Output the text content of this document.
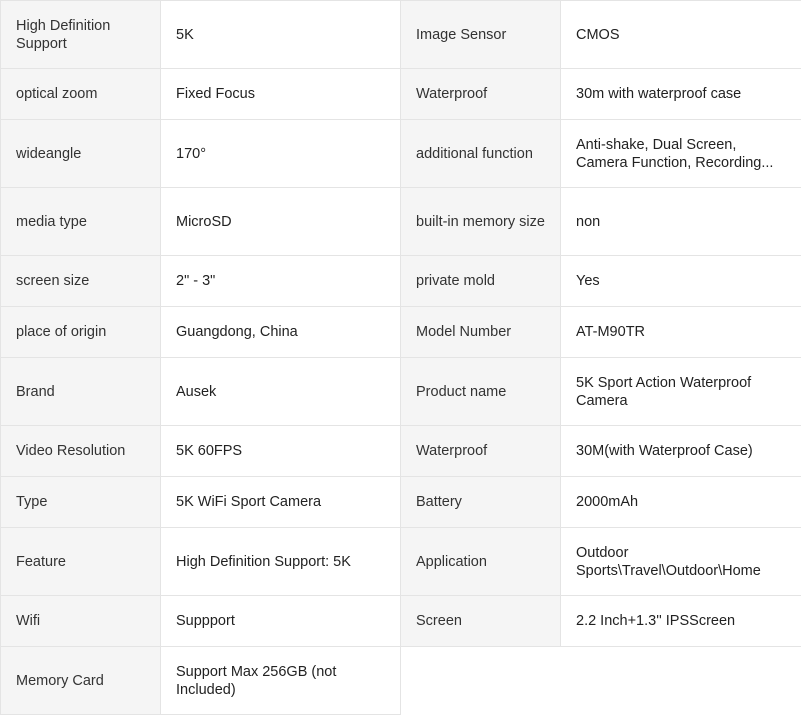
High Definition Support	5K	Image Sensor	CMOS
optical zoom	Fixed Focus	Waterproof	30m with waterproof case
wideangle	170°	additional function	Anti-shake, Dual Screen, Camera Function, Recording...
media type	MicroSD	built-in memory size	non
screen size	2" - 3"	private mold	Yes
place of origin	Guangdong, China	Model Number	AT-M90TR
Brand	Ausek	Product name	5K Sport Action Waterproof Camera
Video Resolution	5K 60FPS	Waterproof	30M(with Waterproof Case)
Type	5K WiFi Sport Camera	Battery	2000mAh
Feature	High Definition Support: 5K	Application	Outdoor Sports\Travel\Outdoor\Home
Wifi	Suppport	Screen	2.2 Inch+1.3'' IPSScreen
Memory Card	Support Max 256GB (not Included)		
